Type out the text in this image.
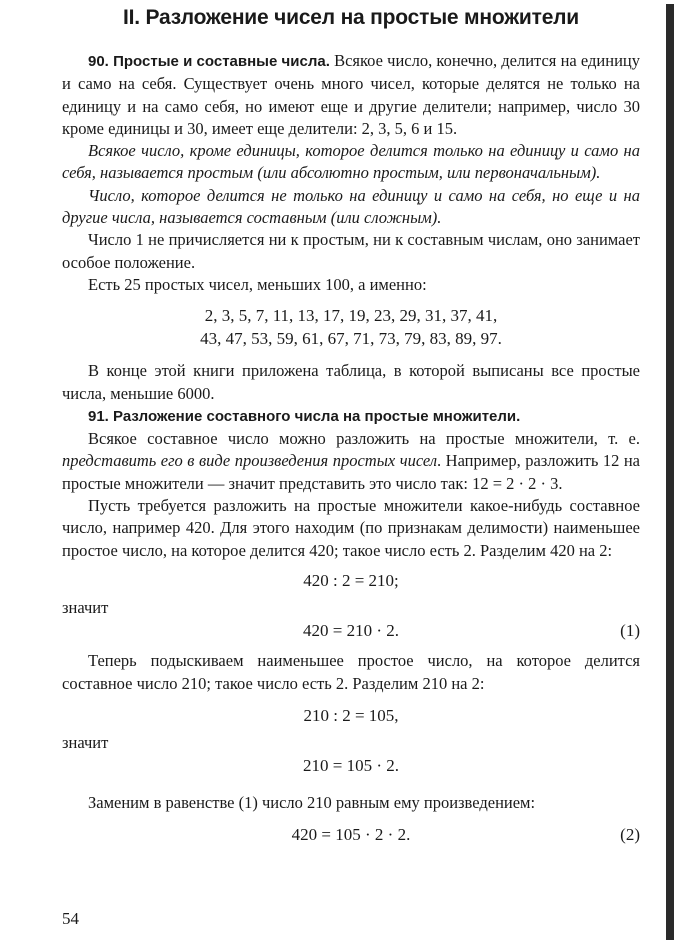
II. Разложение чисел на простые множители

90. Простые и составные числа. Всякое число, конечно, делится на единицу и само на себя. Существует очень много чисел, которые делятся не только на единицу и на само себя, но имеют еще и другие делители; например, число 30 кроме единицы и 30, имеет еще делители: 2, 3, 5, 6 и 15.

Всякое число, кроме единицы, которое делится только на единицу и само на себя, называется простым (или абсолютно простым, или первоначальным).

Число, которое делится не только на единицу и само на себя, но еще и на другие числа, называется составным (или сложным).

Число 1 не причисляется ни к простым, ни к составным числам, оно занимает особое положение.

Есть 25 простых чисел, меньших 100, а именно:

2, 3, 5, 7, 11, 13, 17, 19, 23, 29, 31, 37, 41,
43, 47, 53, 59, 61, 67, 71, 73, 79, 83, 89, 97.

В конце этой книги приложена таблица, в которой выписаны все простые числа, меньшие 6000.

91. Разложение составного числа на простые множители.

Всякое составное число можно разложить на простые множители, т. е. представить его в виде произведения простых чисел. Например, разложить 12 на простые множители — значит представить это число так: 12 = 2 · 2 · 3.

Пусть требуется разложить на простые множители какое-нибудь составное число, например 420. Для этого находим (по признакам делимости) наименьшее простое число, на которое делится 420; такое число есть 2. Разделим 420 на 2:

420 : 2 = 210;

значит

420 = 210 · 2.	(1)

Теперь подыскиваем наименьшее простое число, на которое делится составное число 210; такое число есть 2. Разделим 210 на 2:

210 : 2 = 105,

значит

210 = 105 · 2.

Заменим в равенстве (1) число 210 равным ему произведением:

420 = 105 · 2 · 2.	(2)
54
